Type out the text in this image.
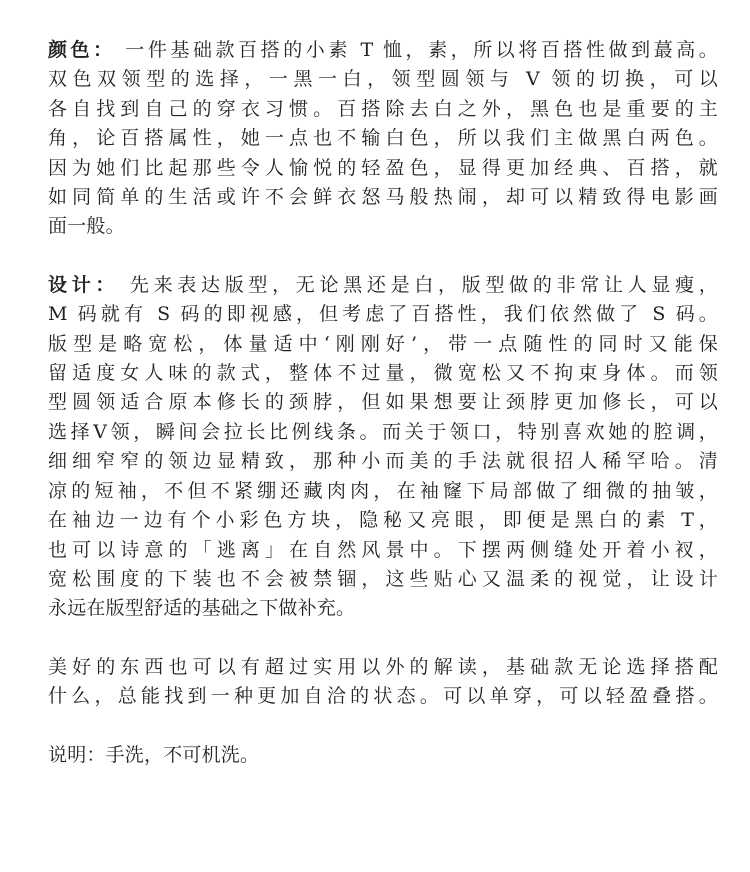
颜色： 一件基础款百搭的小素 T 恤，素，所以将百搭性做到蕞高。
双色双领型的选择，一黑一白，领型圆领与 V 领的切换，可以
各自找到自己的穿衣习惯。百搭除去白之外，黑色也是重要的主
角，论百搭属性，她一点也不输白色，所以我们主做黑白两色。
因为她们比起那些令人愉悦的轻盈色，显得更加经典、百搭，就
如同简单的生活或许不会鲜衣怒马般热闹，却可以精致得电影画
面一般。

设计： 先来表达版型，无论黑还是白，版型做的非常让人显瘦，
M 码就有 S 码的即视感，但考虑了百搭性，我们依然做了 S 码。
版型是略宽松，体量适中‘刚刚好’，带一点随性的同时又能保
留适度女人味的款式，整体不过量，微宽松又不拘束身体。而领
型圆领适合原本修长的颈脖，但如果想要让颈脖更加修长，可以
选择V领，瞬间会拉长比例线条。而关于领口，特别喜欢她的腔调，
细细窄窄的领边显精致，那种小而美的手法就很招人稀罕哈。清
凉的短袖，不但不紧绷还藏肉肉，在袖窿下局部做了细微的抽皱，
在袖边一边有个小彩色方块，隐秘又亮眼，即便是黑白的素 T，
也可以诗意的「逃离」在自然风景中。下摆两侧缝处开着小衩，
宽松围度的下装也不会被禁锢，这些贴心又温柔的视觉，让设计
永远在版型舒适的基础之下做补充。

美好的东西也可以有超过实用以外的解读，基础款无论选择搭配
什么，总能找到一种更加自洽的状态。可以单穿，可以轻盈叠搭。

说明：手洗，不可机洗。
